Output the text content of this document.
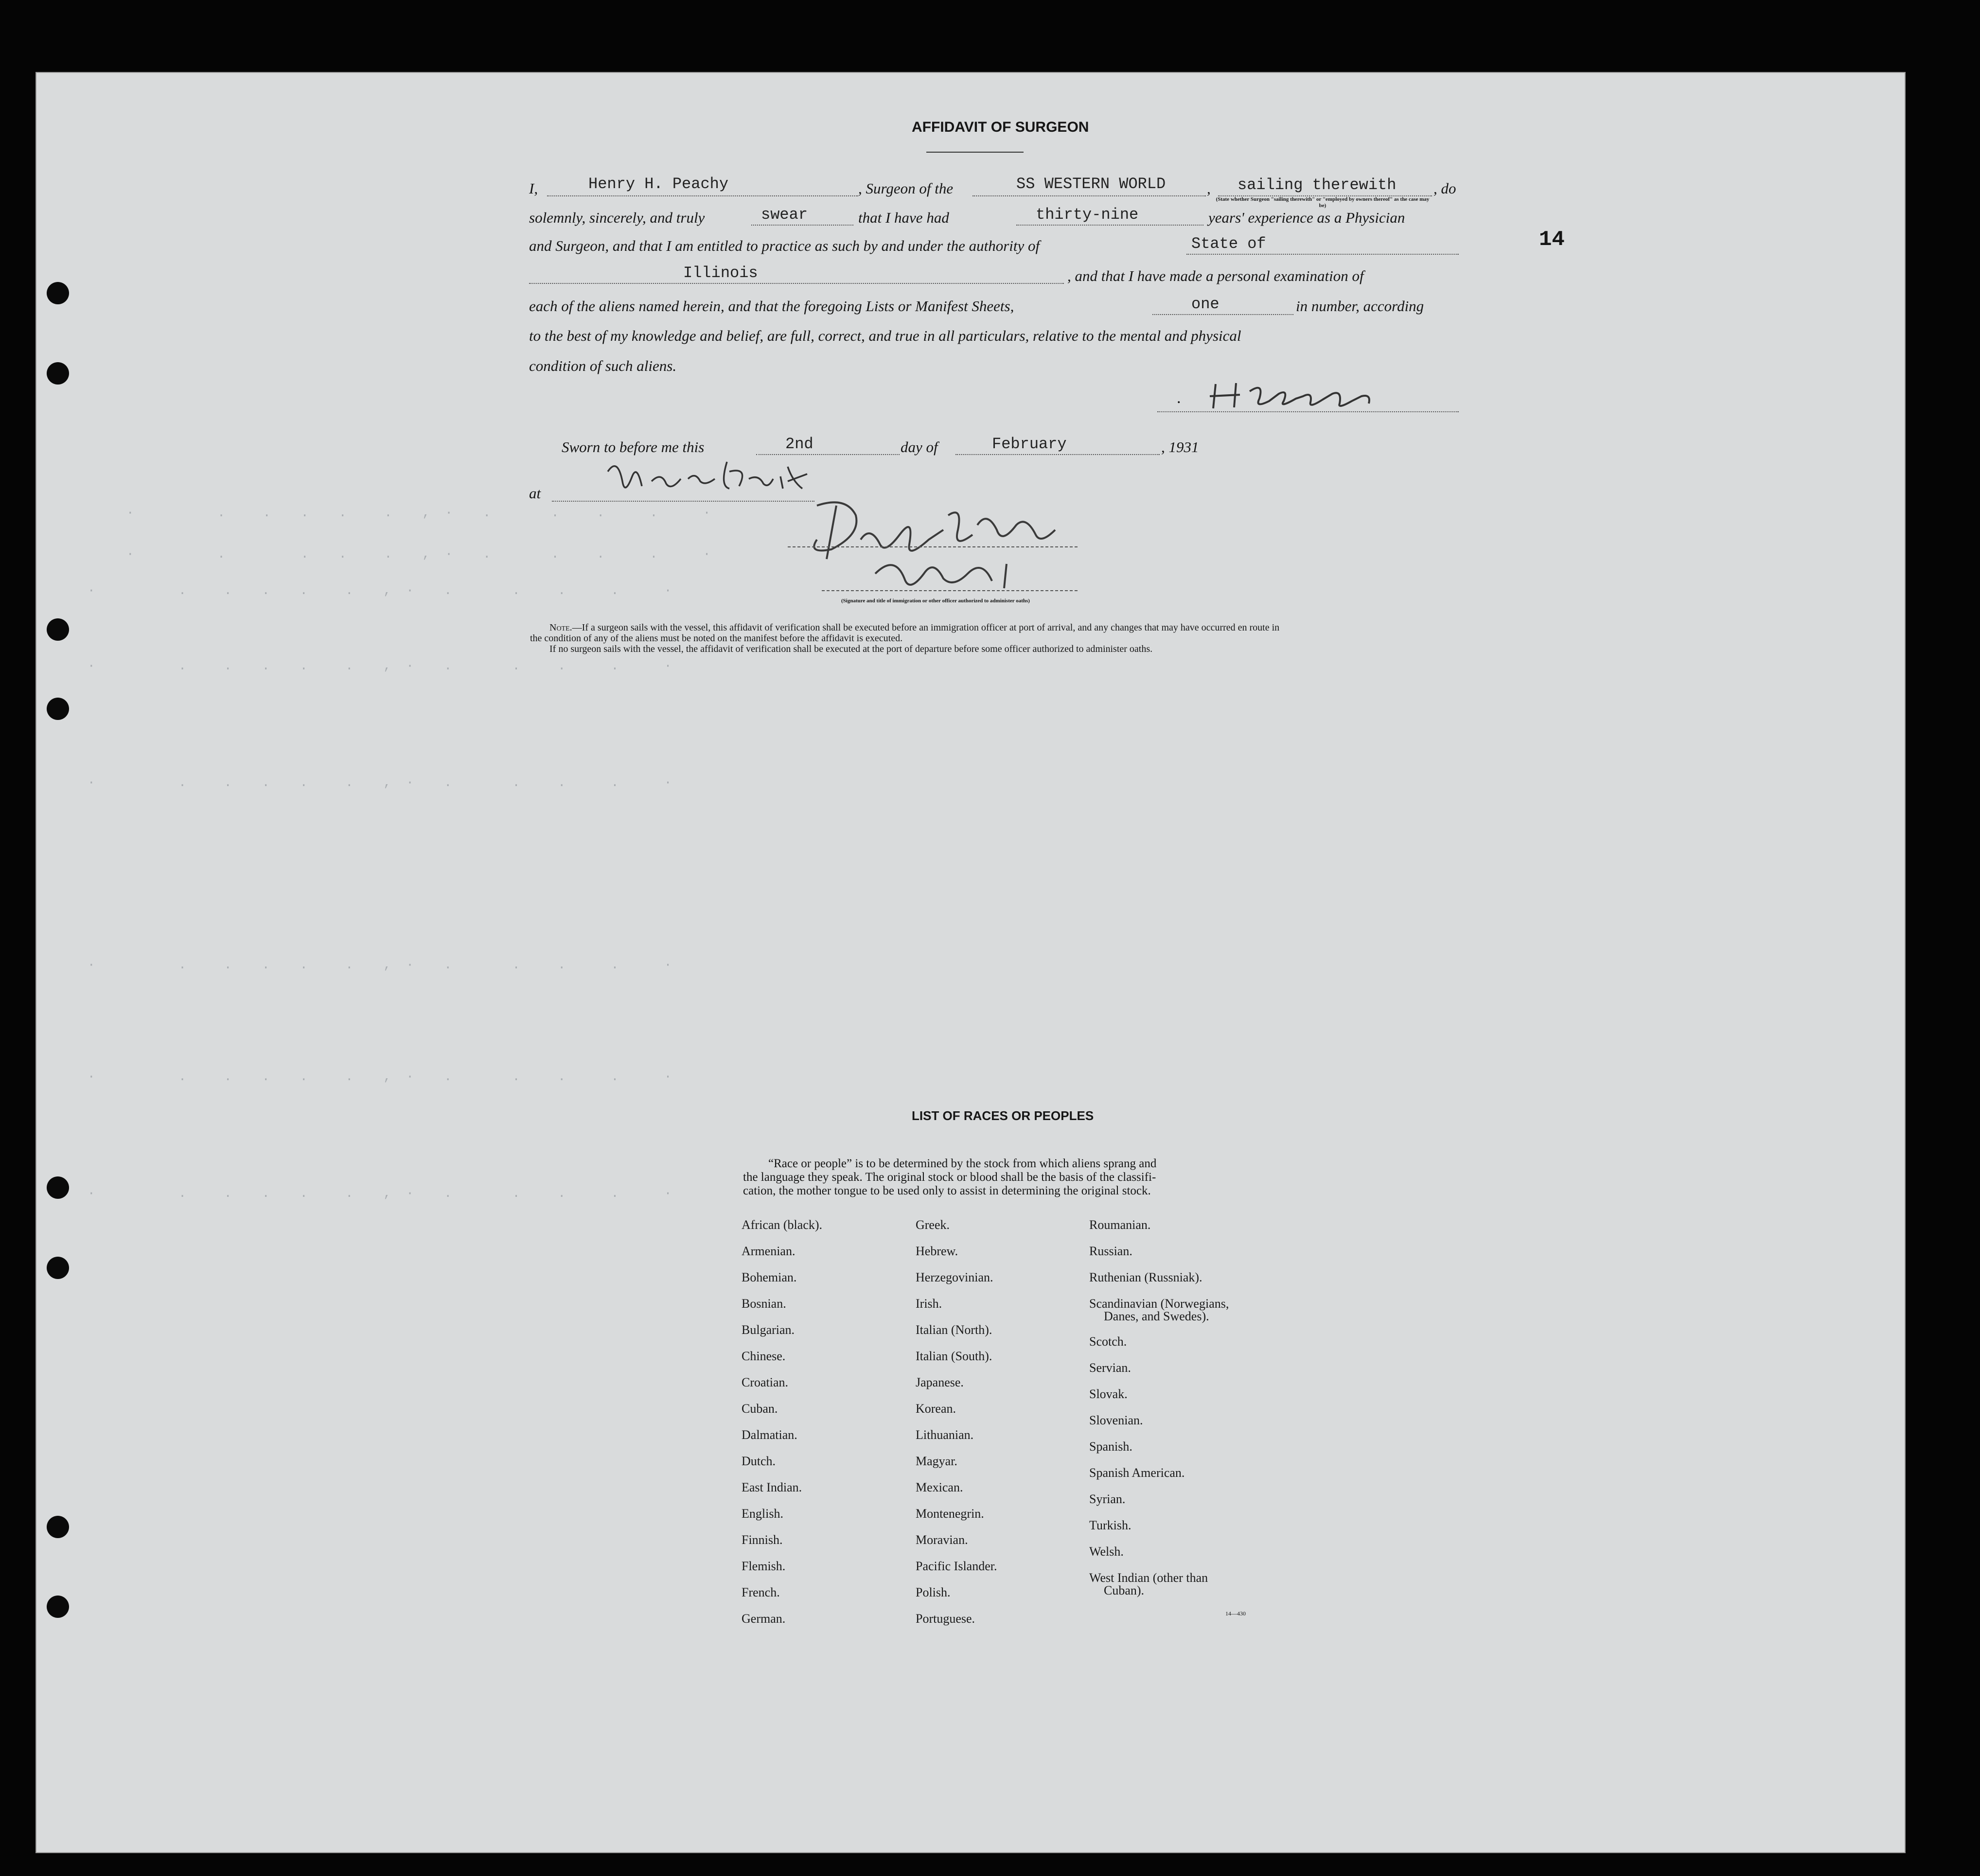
·           .     .    .    .     .    ,  ·    .        .     .      .      ·
·           .          .    .     .    ,  ·    .        .     .      .      ·
·           .     .    .    .     .    ,  ·    .        .     .      .      ·
·           .     .    .    .     .    ,  ·    .        .     .      .      ·
·           .     .    .    .     .    ,  ·    .        .     .      .      ·
·           .     .    .    .     .    ,  ·    .        .     .      .      ·
·           .     .    .    .     .    ,  ·    .        .     .      .      ·
·           .     .    .    .     .    ,  ·    .        .     .      .      ·
AFFIDAVIT OF SURGEON
14
I,	Henry H. Peachy	, Surgeon of the	SS WESTERN WORLD	, sailing therewith , do
(State whether Surgeon "sailing therewith" or "employed by owners thereof" as the case may be)
solemnly, sincerely, and truly	swear	that I have had	thirty-nine	years' experience as a Physician
and Surgeon, and that I am entitled to practice as such by and under the authority of	State of
Illinois	, and that I have made a personal examination of
each of the aliens named herein, and that the foregoing Lists or Manifest Sheets,	one	in number, according
to the best of my knowledge and belief, are full, correct, and true in all particulars, relative to the mental and physical
condition of such aliens.
.
Sworn to before me this	2nd	day of	February	, 1931
at
(Signature and title of immigration or other officer authorized to administer oaths)
Note.—If a surgeon sails with the vessel, this affidavit of verification shall be executed before an immigration officer at port of arrival, and any changes that may have occurred en route in
the condition of any of the aliens must be noted on the manifest before the affidavit is executed.
If no surgeon sails with the vessel, the affidavit of verification shall be executed at the port of departure before some officer authorized to administer oaths.
LIST OF RACES OR PEOPLES
“Race or people” is to be determined by the stock from which aliens sprang and
the language they speak. The original stock or blood shall be the basis of the classifi-
cation, the mother tongue to be used only to assist in determining the original stock.
African (black).
Armenian.
Bohemian.
Bosnian.
Bulgarian.
Chinese.
Croatian.
Cuban.
Dalmatian.
Dutch.
East Indian.
English.
Finnish.
Flemish.
French.
German.
Greek.
Hebrew.
Herzegovinian.
Irish.
Italian (North).
Italian (South).
Japanese.
Korean.
Lithuanian.
Magyar.
Mexican.
Montenegrin.
Moravian.
Pacific Islander.
Polish.
Portuguese.
Roumanian.
Russian.
Ruthenian (Russniak).
Scandinavian (Norwegians,
Danes, and Swedes).
Scotch.
Servian.
Slovak.
Slovenian.
Spanish.
Spanish American.
Syrian.
Turkish.
Welsh.
West Indian (other than
Cuban).
14—430
